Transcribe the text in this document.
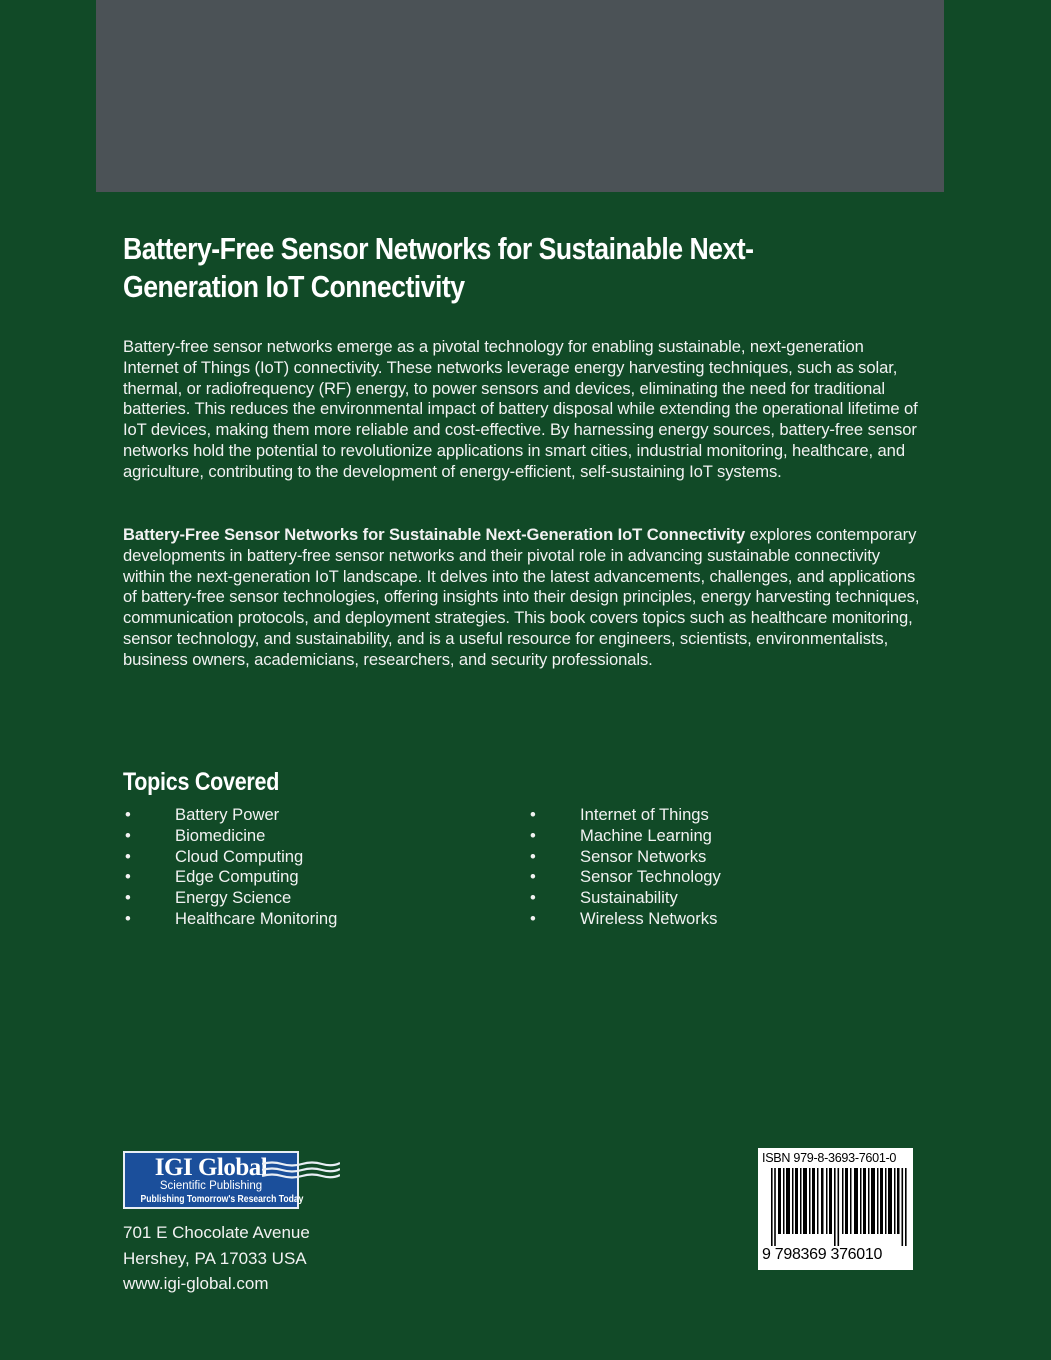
Battery-Free Sensor Networks for Sustainable Next-
Generation IoT Connectivity
Battery-free sensor networks emerge as a pivotal technology for enabling sustainable, next-generation Internet of Things (IoT) connectivity. These networks leverage energy harvesting techniques, such as solar, thermal, or radiofrequency (RF) energy, to power sensors and devices, eliminating the need for traditional batteries. This reduces the environmental impact of battery disposal while extending the operational lifetime of IoT devices, making them more reliable and cost-effective. By harnessing energy sources, battery-free sensor networks hold the potential to revolutionize applications in smart cities, industrial monitoring, healthcare, and agriculture, contributing to the development of energy-efficient, self-sustaining IoT systems.
Battery-Free Sensor Networks for Sustainable Next-Generation IoT Connectivity explores contemporary developments in battery-free sensor networks and their pivotal role in advancing sustainable connectivity within the next-generation IoT landscape. It delves into the latest advancements, challenges, and applications of battery-free sensor technologies, offering insights into their design principles, energy harvesting techniques, communication protocols, and deployment strategies. This book covers topics such as healthcare monitoring, sensor technology, and sustainability, and is a useful resource for engineers, scientists, environmentalists, business owners, academicians, researchers, and security professionals.
Topics Covered
•	Battery Power
•	Biomedicine
•	Cloud Computing
•	Edge Computing
•	Energy Science
•	Healthcare Monitoring
•	Internet of Things
•	Machine Learning
•	Sensor Networks
•	Sensor Technology
•	Sustainability
•	Wireless Networks
IGI Global
Scientific Publishing
Publishing Tomorrow's Research Today
701 E Chocolate Avenue
Hershey, PA 17033 USA
www.igi-global.com
ISBN 979-8-3693-7601-0
9 798369 376010
